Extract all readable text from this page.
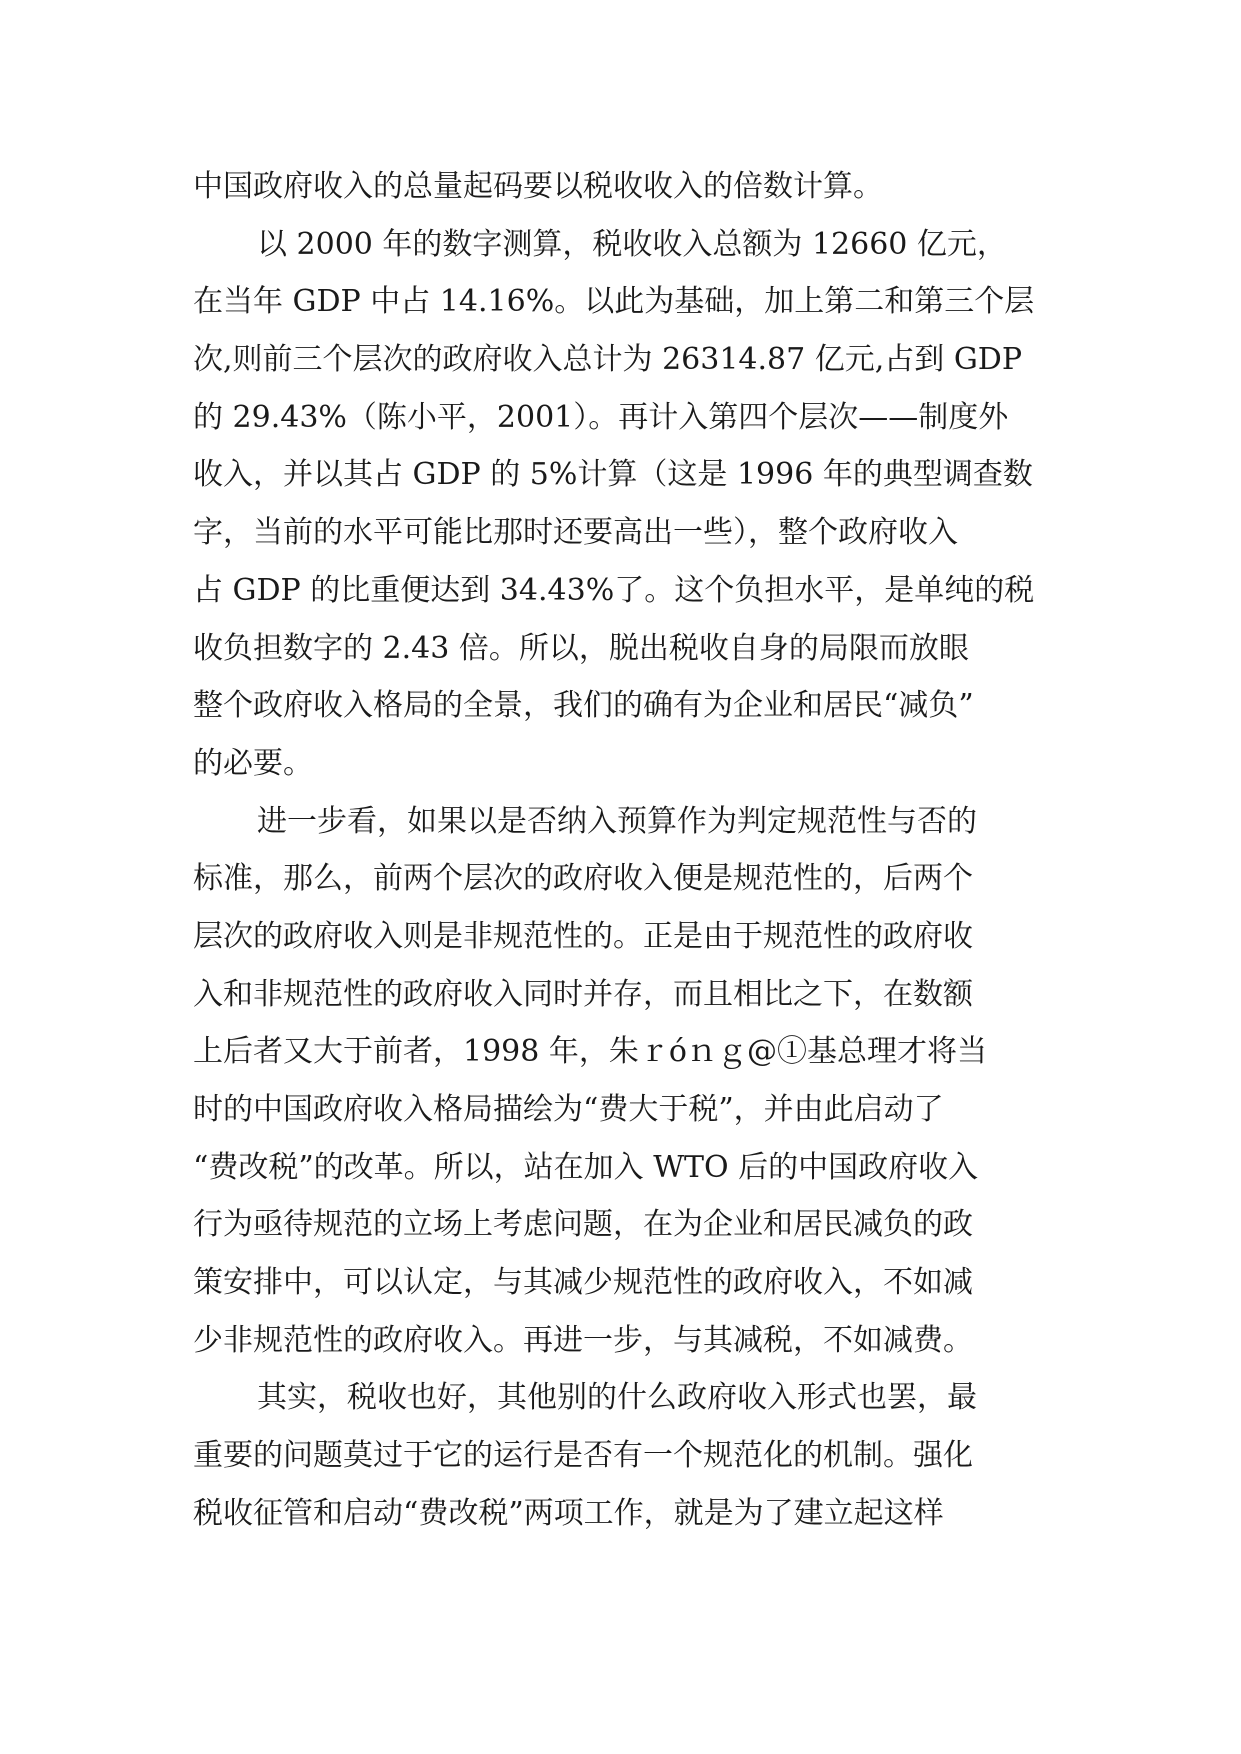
中国政府收入的总量起码要以税收收入的倍数计算。
以 2000 年的数字测算，税收收入总额为 12660 亿元，
在当年 GDP 中占 14.16%。以此为基础，加上第二和第三个层
次,则前三个层次的政府收入总计为 26314.87 亿元,占到 GDP
的 29.43%（陈小平，2001）。再计入第四个层次——制度外
收入，并以其占 GDP 的 5%计算（这是 1996 年的典型调查数
字，当前的水平可能比那时还要高出一些），整个政府收入
占 GDP 的比重便达到 34.43%了。这个负担水平，是单纯的税
收负担数字的 2.43 倍。所以，脱出税收自身的局限而放眼
整个政府收入格局的全景，我们的确有为企业和居民“减负”
的必要。
进一步看，如果以是否纳入预算作为判定规范性与否的
标准，那么，前两个层次的政府收入便是规范性的，后两个
层次的政府收入则是非规范性的。正是由于规范性的政府收
入和非规范性的政府收入同时并存，而且相比之下，在数额
上后者又大于前者，1998 年，朱ｒóｎｇ@①基总理才将当
时的中国政府收入格局描绘为“费大于税”，并由此启动了
“费改税”的改革。所以，站在加入 WTO 后的中国政府收入
行为亟待规范的立场上考虑问题，在为企业和居民减负的政
策安排中，可以认定，与其减少规范性的政府收入，不如减
少非规范性的政府收入。再进一步，与其减税，不如减费。
其实，税收也好，其他别的什么政府收入形式也罢，最
重要的问题莫过于它的运行是否有一个规范化的机制。强化
税收征管和启动“费改税”两项工作，就是为了建立起这样
